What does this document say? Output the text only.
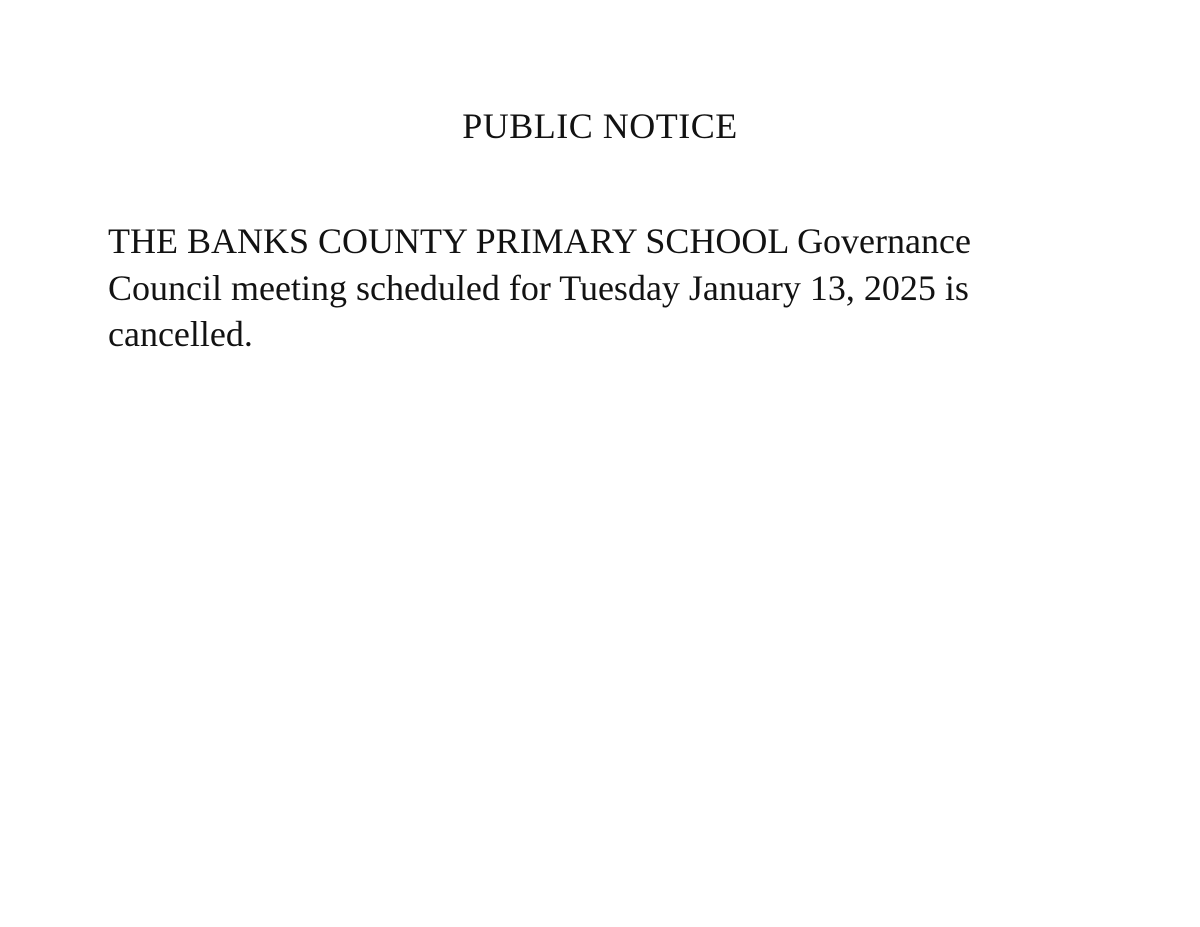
PUBLIC NOTICE
THE BANKS COUNTY PRIMARY SCHOOL Governance
Council meeting scheduled for Tuesday January 13, 2025 is
cancelled.
